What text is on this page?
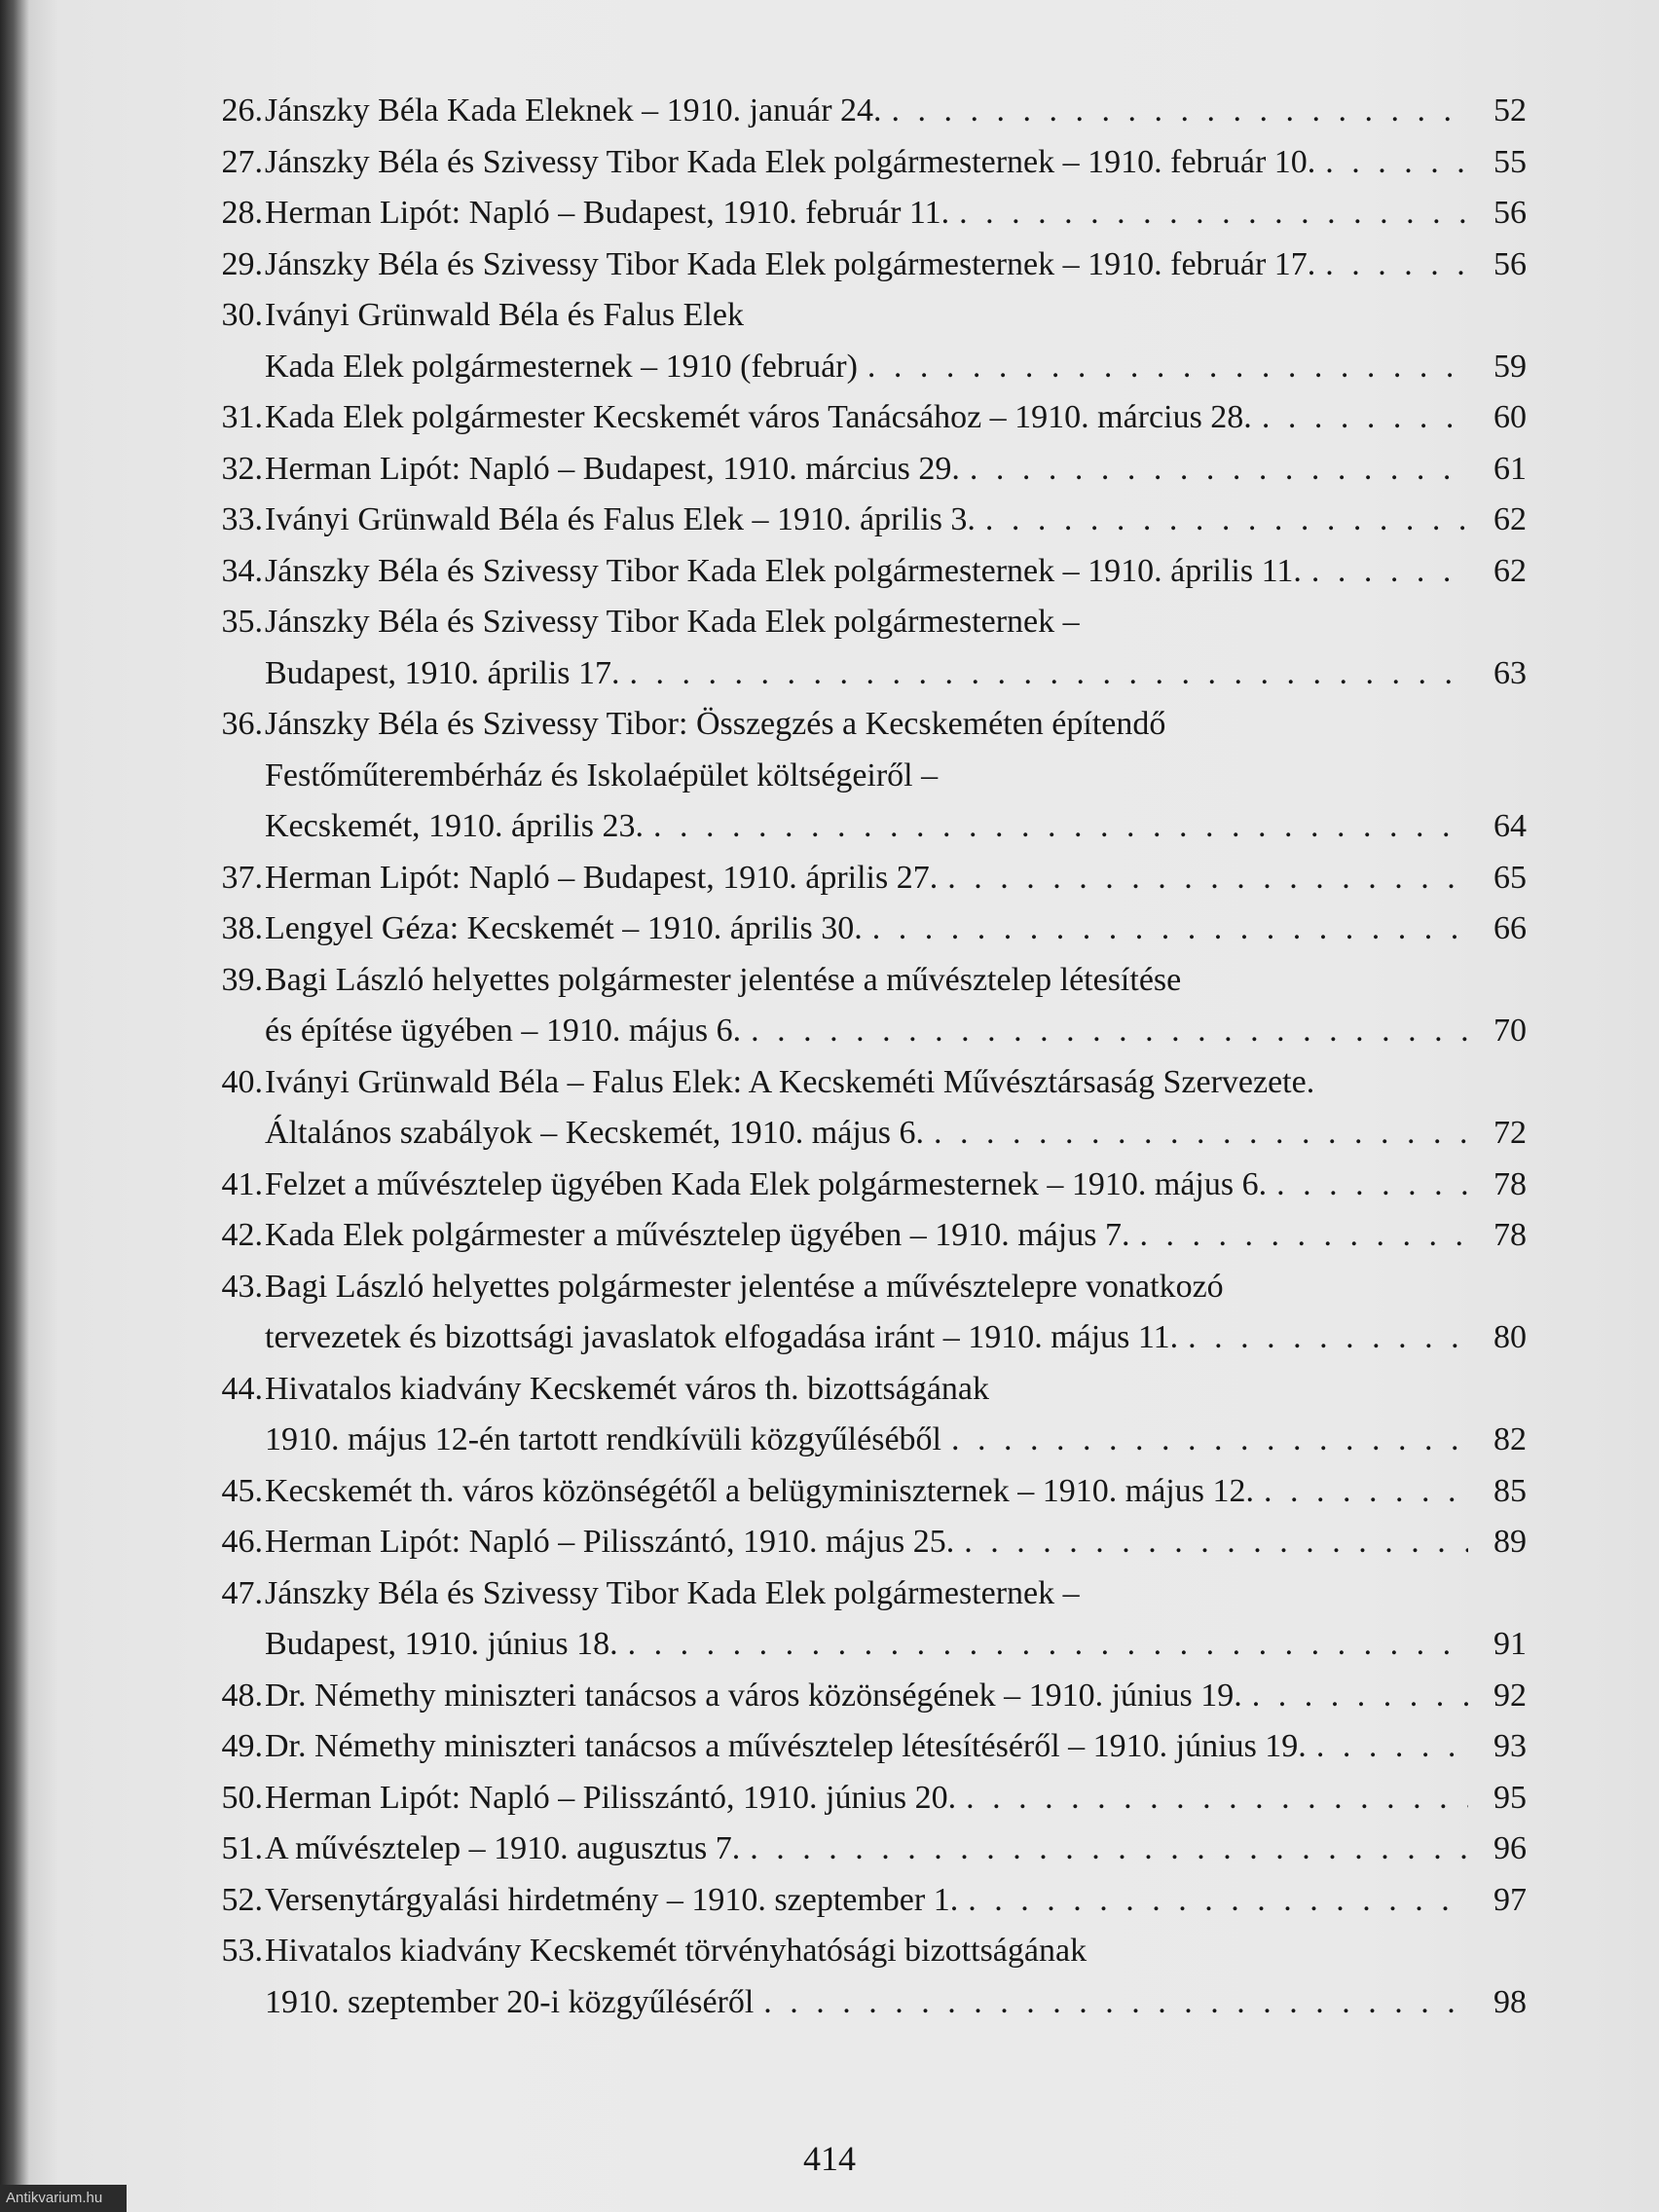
26. Jánszky Béla Kada Eleknek – 1910. január 24. . . .	52
27. Jánszky Béla és Szivessy Tibor Kada Elek polgármesternek – 1910. február 10. . . .	55
28. Herman Lipót: Napló – Budapest, 1910. február 11. . . .	56
29. Jánszky Béla és Szivessy Tibor Kada Elek polgármesternek – 1910. február 17. . . .	56
30. Iványi Grünwald Béla és Falus Elek
Kada Elek polgármesternek – 1910 (február) . . .	59
31. Kada Elek polgármester Kecskemét város Tanácsához – 1910. március 28. . . .	60
32. Herman Lipót: Napló – Budapest, 1910. március 29. . . .	61
33. Iványi Grünwald Béla és Falus Elek – 1910. április 3. . . .	62
34. Jánszky Béla és Szivessy Tibor Kada Elek polgármesternek – 1910. április 11. . . .	62
35. Jánszky Béla és Szivessy Tibor Kada Elek polgármesternek –
Budapest, 1910. április 17. . . .	63
36. Jánszky Béla és Szivessy Tibor: Összegzés a Kecskeméten építendő
Festőműterembérház és Iskolaépület költségeiről –
Kecskemét, 1910. április 23. . . .	64
37. Herman Lipót: Napló – Budapest, 1910. április 27. . . .	65
38. Lengyel Géza: Kecskemét – 1910. április 30. . . .	66
39. Bagi László helyettes polgármester jelentése a művésztelep létesítése
és építése ügyében – 1910. május 6. . . .	70
40. Iványi Grünwald Béla – Falus Elek: A Kecskeméti Művésztársaság Szervezete.
Általános szabályok – Kecskemét, 1910. május 6. . . .	72
41. Felzet a művésztelep ügyében Kada Elek polgármesternek – 1910. május 6. . . .	78
42. Kada Elek polgármester a művésztelep ügyében – 1910. május 7. . . .	78
43. Bagi László helyettes polgármester jelentése a művésztelepre vonatkozó
tervezetek és bizottsági javaslatok elfogadása iránt – 1910. május 11. . . .	80
44. Hivatalos kiadvány Kecskemét város th. bizottságának
1910. május 12-én tartott rendkívüli közgyűléséből . . .	82
45. Kecskemét th. város közönségétől a belügyminiszternek – 1910. május 12. . . .	85
46. Herman Lipót: Napló – Pilisszántó, 1910. május 25. . . .	89
47. Jánszky Béla és Szivessy Tibor Kada Elek polgármesternek –
Budapest, 1910. június 18. . . .	91
48. Dr. Némethy miniszteri tanácsos a város közönségének – 1910. június 19. . . .	92
49. Dr. Némethy miniszteri tanácsos a művésztelep létesítéséről – 1910. június 19. . . .	93
50. Herman Lipót: Napló – Pilisszántó, 1910. június 20. . . .	95
51. A művésztelep – 1910. augusztus 7. . . .	96
52. Versenytárgyalási hirdetmény – 1910. szeptember 1. . . .	97
53. Hivatalos kiadvány Kecskemét törvényhatósági bizottságának
1910. szeptember 20-i közgyűléséről . . .	98
414
Antikvarium.hu
